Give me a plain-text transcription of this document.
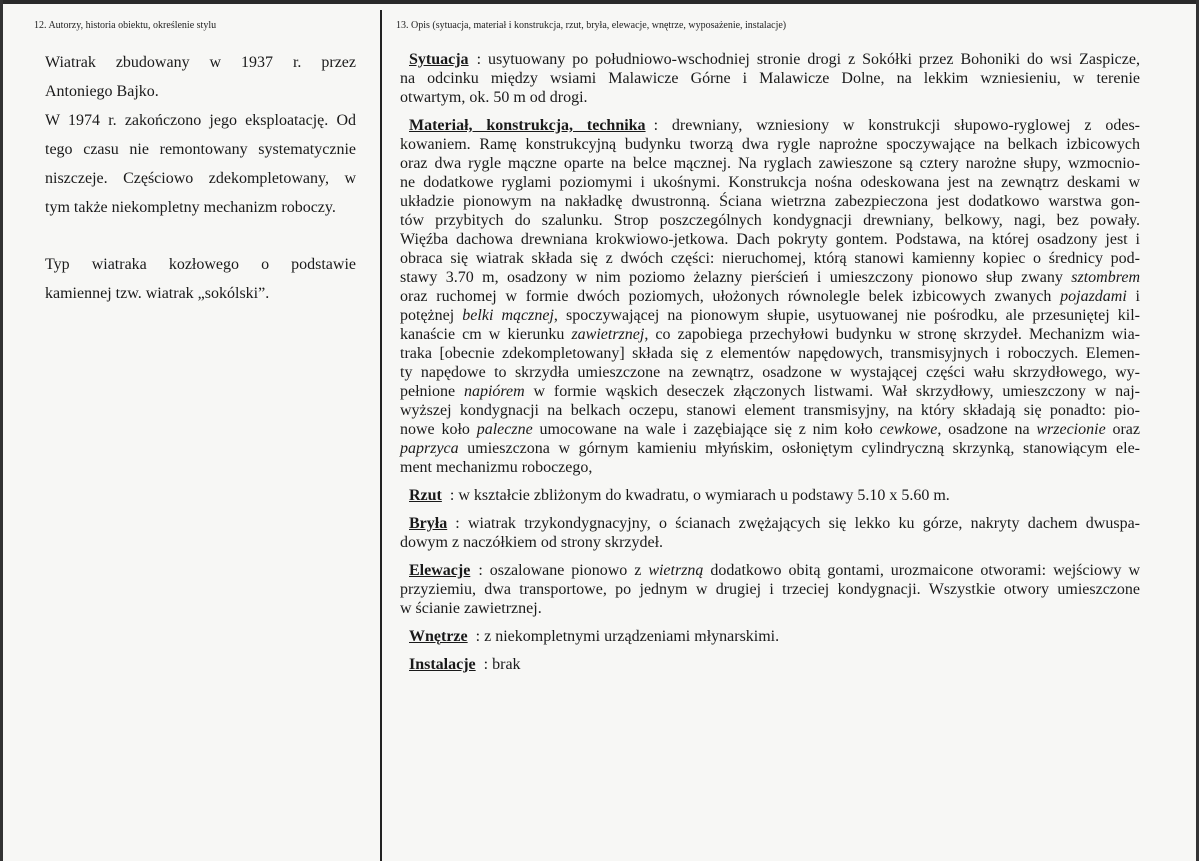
12. Autorzy, historia obiektu, określenie stylu	13. Opis (sytuacja, materiał i konstrukcja, rzut, bryła, elewacje, wnętrze, wyposażenie, instalacje)
Wiatrak zbudowany w 1937 r. przez
Antoniego Bajko.
W 1974 r. zakończono jego eksploatację. Od
tego czasu nie remontowany systematycznie
niszczeje. Częściowo zdekompletowany, w
tym także niekompletny mechanizm roboczy.
Typ wiatraka kozłowego o podstawie
kamiennej tzw. wiatrak „sokólski”.
Sytuacja : usytuowany po południowo-wschodniej stronie drogi z Sokółki przez Bohoniki do wsi Zaspicze,
na odcinku między wsiami Malawicze Górne i Malawicze Dolne, na lekkim wzniesieniu, w terenie
otwartym, ok. 50 m od drogi.
Materiał, konstrukcja, technika : drewniany, wzniesiony w konstrukcji słupowo-ryglowej z odes-
kowaniem. Ramę konstrukcyjną budynku tworzą dwa rygle naprożne spoczywające na belkach izbicowych
oraz dwa rygle mączne oparte na belce mącznej. Na ryglach zawieszone są cztery narożne słupy, wzmocnio-
ne dodatkowe ryglami poziomymi i ukośnymi. Konstrukcja nośna odeskowana jest na zewnątrz deskami w
układzie pionowym na nakładkę dwustronną. Ściana wietrzna zabezpieczona jest dodatkowo warstwa gon-
tów przybitych do szalunku. Strop poszczególnych kondygnacji drewniany, belkowy, nagi, bez powały.
Więźba dachowa drewniana krokwiowo-jetkowa. Dach pokryty gontem. Podstawa, na której osadzony jest i
obraca się wiatrak składa się z dwóch części: nieruchomej, którą stanowi kamienny kopiec o średnicy pod-
stawy 3.70 m, osadzony w nim poziomo żelazny pierścień i umieszczony pionowo słup zwany sztombrem
oraz ruchomej w formie dwóch poziomych, ułożonych równolegle belek izbicowych zwanych pojazdami i
potężnej belki mącznej, spoczywającej na pionowym słupie, usytuowanej nie pośrodku, ale przesuniętej kil-
kanaście cm w kierunku zawietrznej, co zapobiega przechyłowi budynku w stronę skrzydeł. Mechanizm wia-
traka [obecnie zdekompletowany] składa się z elementów napędowych, transmisyjnych i roboczych. Elemen-
ty napędowe to skrzydła umieszczone na zewnątrz, osadzone w wystającej części wału skrzydłowego, wy-
pełnione napiórem w formie wąskich deseczek złączonych listwami. Wał skrzydłowy, umieszczony w naj-
wyższej kondygnacji na belkach oczepu, stanowi element transmisyjny, na który składają się ponadto: pio-
nowe koło paleczne umocowane na wale i zazębiające się z nim koło cewkowe, osadzone na wrzecionie oraz
paprzyca umieszczona w górnym kamieniu młyńskim, osłoniętym cylindryczną skrzynką, stanowiącym ele-
ment mechanizmu roboczego,
Rzut : w kształcie zbliżonym do kwadratu, o wymiarach u podstawy 5.10 x 5.60 m.
Bryła : wiatrak trzykondygnacyjny, o ścianach zwężających się lekko ku górze, nakryty dachem dwuspa-
dowym z naczółkiem od strony skrzydeł.
Elewacje : oszalowane pionowo z wietrzną dodatkowo obitą gontami, urozmaicone otworami: wejściowy w
przyziemiu, dwa transportowe, po jednym w drugiej i trzeciej kondygnacji. Wszystkie otwory umieszczone
w ścianie zawietrznej.
Wnętrze : z niekompletnymi urządzeniami młynarskimi.
Instalacje : brak
